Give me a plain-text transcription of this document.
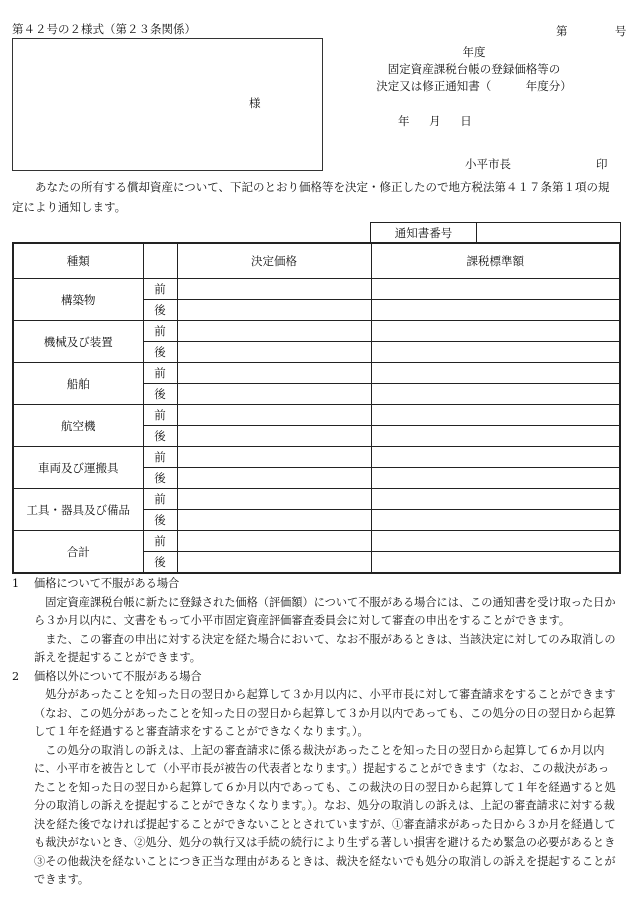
第４２号の２様式（第２３条関係）	第	号
様
年度
固定資産課税台帳の登録価格等の
決定又は修正通知書（　　　年度分）
年 月 日
小平市長	印
あなたの所有する償却資産について、下記のとおり価格等を決定・修正したので地方税法第４１７条第１項の規定により通知します。
通知書番号
種類		決定価格	課税標準額
構築物	前		
	後		
機械及び装置	前		
	後		
船舶	前		
	後		
航空機	前		
	後		
車両及び運搬具	前		
	後		
工具・器具及び備品	前		
	後		
合計	前		
	後		

1 価格について不服がある場合

固定資産課税台帳に新たに登録された価格（評価額）について不服がある場合には、この通知書を受け取った日から３か月以内に、文書をもって小平市固定資産評価審査委員会に対して審査の申出をすることができます。

また、この審査の申出に対する決定を経た場合において、なお不服があるときは、当該決定に対してのみ取消しの訴えを提起することができます。

2 価格以外について不服がある場合

処分があったことを知った日の翌日から起算して３か月以内に、小平市長に対して審査請求をすることができます（なお、この処分があったことを知った日の翌日から起算して３か月以内であっても、この処分の日の翌日から起算して１年を経過すると審査請求をすることができなくなります。）。

この処分の取消しの訴えは、上記の審査請求に係る裁決があったことを知った日の翌日から起算して６か月以内に、小平市を被告として（小平市長が被告の代表者となります。）提起することができます（なお、この裁決があったことを知った日の翌日から起算して６か月以内であっても、この裁決の日の翌日から起算して１年を経過すると処分の取消しの訴えを提起することができなくなります。）。なお、処分の取消しの訴えは、上記の審査請求に対する裁決を経た後でなければ提起することができないこととされていますが、①審査請求があった日から３か月を経過しても裁決がないとき、②処分、処分の執行又は手続の続行により生ずる著しい損害を避けるため緊急の必要があるとき③その他裁決を経ないことにつき正当な理由があるときは、裁決を経ないでも処分の取消しの訴えを提起することができます。
